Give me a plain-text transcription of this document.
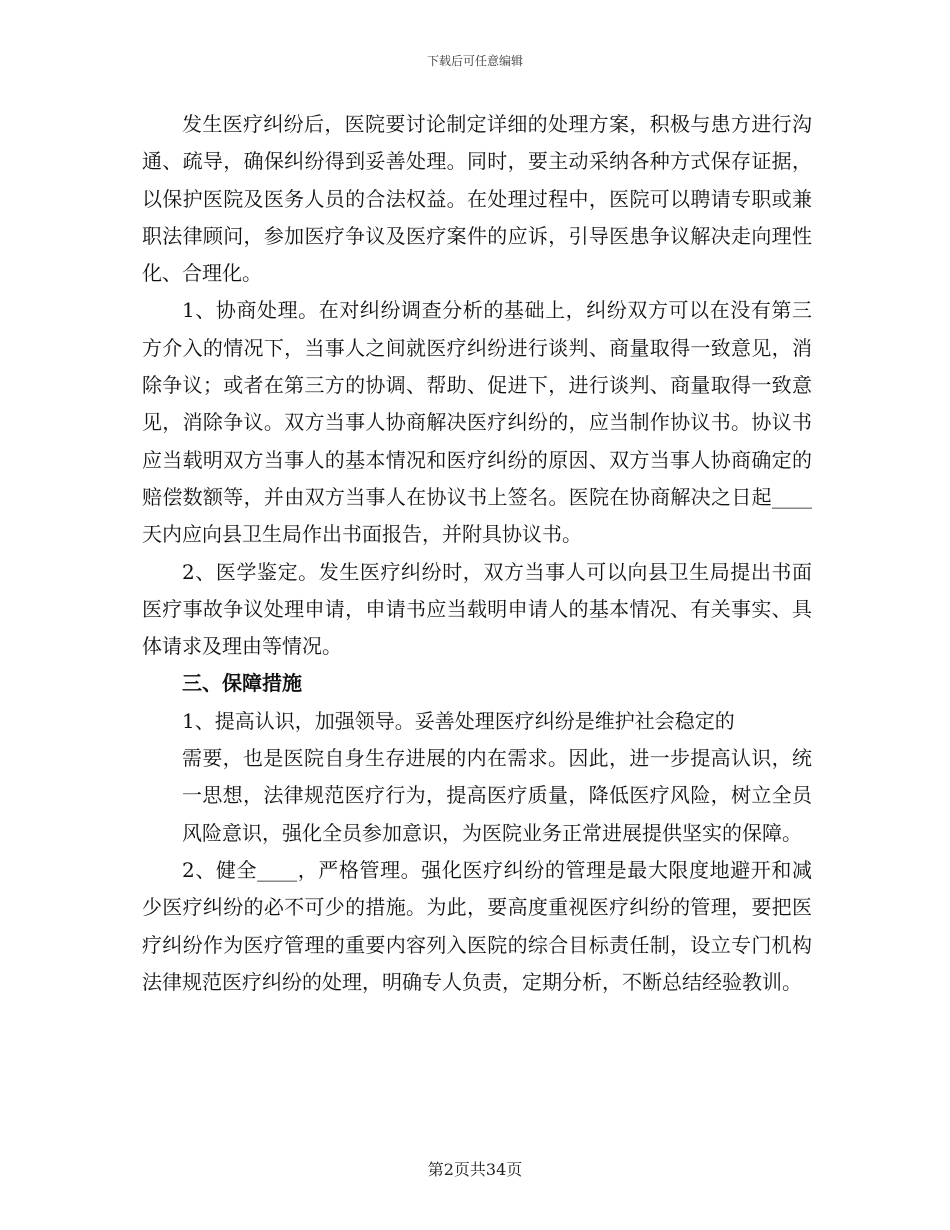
下载后可任意编辑

发生医疗纠纷后，医院要讨论制定详细的处理方案，积极与患方进行沟通、疏导，确保纠纷得到妥善处理。同时，要主动采纳各种方式保存证据，以保护医院及医务人员的合法权益。在处理过程中，医院可以聘请专职或兼职法律顾问，参加医疗争议及医疗案件的应诉，引导医患争议解决走向理性化、合理化。

1、协商处理。在对纠纷调查分析的基础上，纠纷双方可以在没有第三方介入的情况下，当事人之间就医疗纠纷进行谈判、商量取得一致意见，消除争议；或者在第三方的协调、帮助、促进下，进行谈判、商量取得一致意见，消除争议。双方当事人协商解决医疗纠纷的，应当制作协议书。协议书应当载明双方当事人的基本情况和医疗纠纷的原因、双方当事人协商确定的赔偿数额等，并由双方当事人在协议书上签名。医院在协商解决之日起____天内应向县卫生局作出书面报告，并附具协议书。

2、医学鉴定。发生医疗纠纷时，双方当事人可以向县卫生局提出书面医疗事故争议处理申请，申请书应当载明申请人的基本情况、有关事实、具体请求及理由等情况。

三、保障措施

1、提高认识，加强领导。妥善处理医疗纠纷是维护社会稳定的

需要，也是医院自身生存进展的内在需求。因此，进一步提高认识，统一思想，法律规范医疗行为，提高医疗质量，降低医疗风险，树立全员风险意识，强化全员参加意识，为医院业务正常进展提供坚实的保障。

2、健全____，严格管理。强化医疗纠纷的管理是最大限度地避开和减少医疗纠纷的必不可少的措施。为此，要高度重视医疗纠纷的管理，要把医疗纠纷作为医疗管理的重要内容列入医院的综合目标责任制，设立专门机构法律规范医疗纠纷的处理，明确专人负责，定期分析，不断总结经验教训。

第2页共34页
